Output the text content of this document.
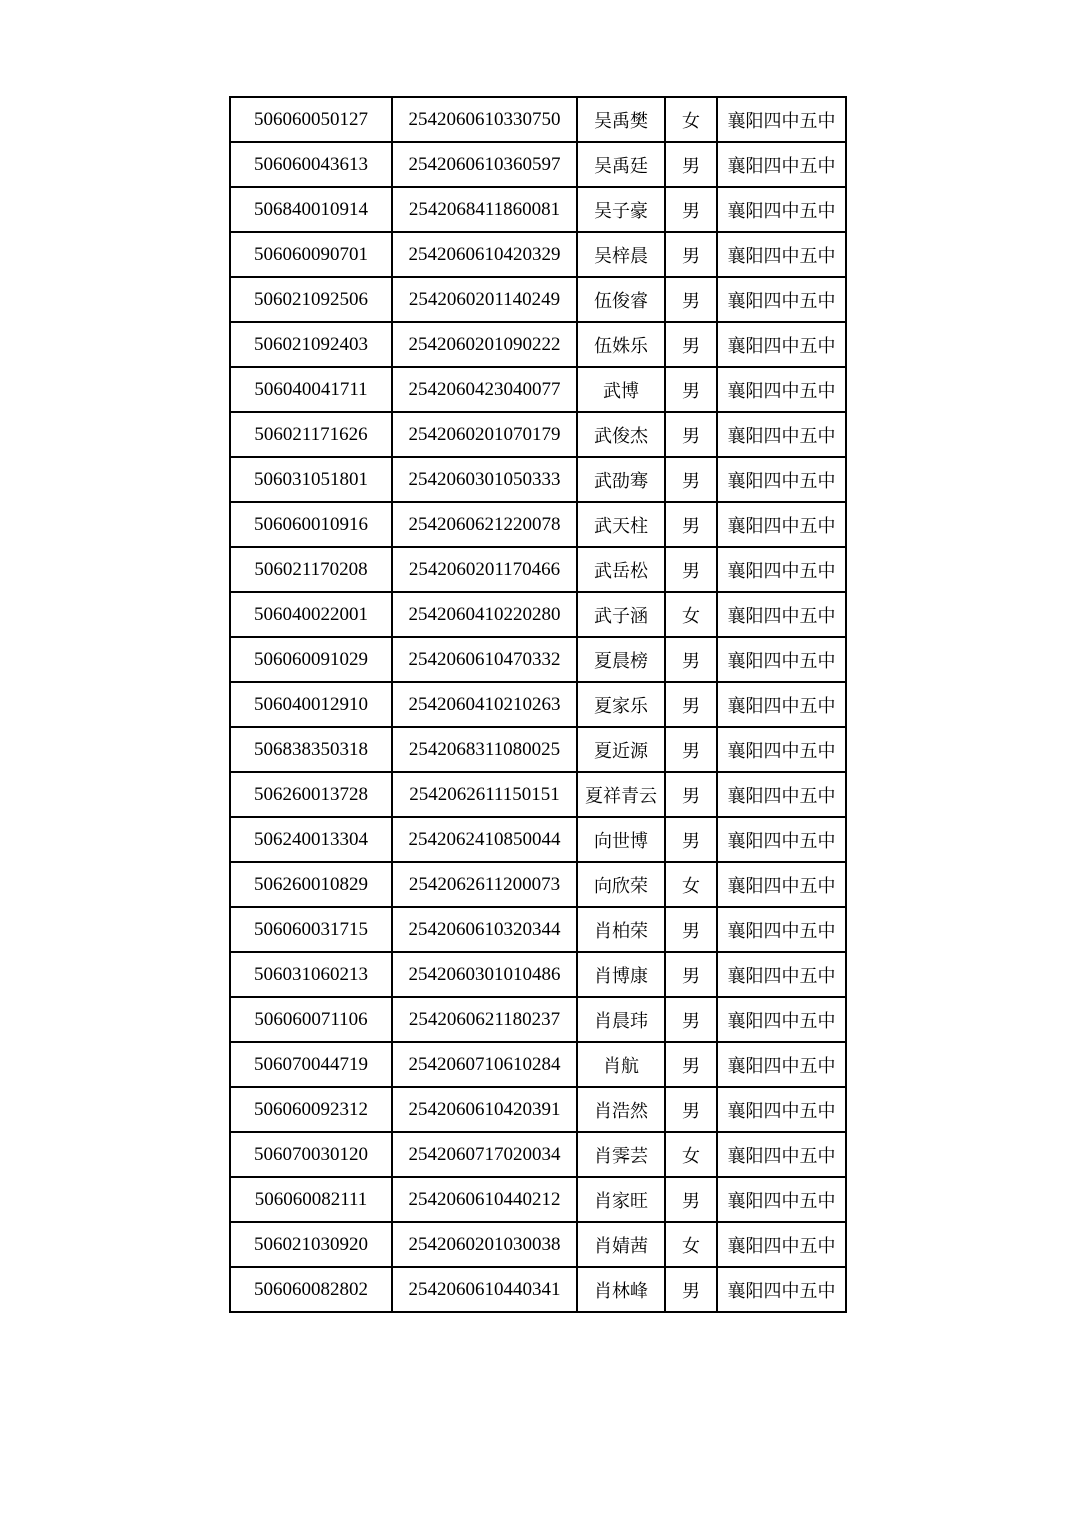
506060050127	2542060610330750	吴禹樊	女	襄阳四中五中
506060043613	2542060610360597	吴禹廷	男	襄阳四中五中
506840010914	2542068411860081	吴子豪	男	襄阳四中五中
506060090701	2542060610420329	吴梓晨	男	襄阳四中五中
506021092506	2542060201140249	伍俊睿	男	襄阳四中五中
506021092403	2542060201090222	伍姝乐	男	襄阳四中五中
506040041711	2542060423040077	武博	男	襄阳四中五中
506021171626	2542060201070179	武俊杰	男	襄阳四中五中
506031051801	2542060301050333	武劭骞	男	襄阳四中五中
506060010916	2542060621220078	武天柱	男	襄阳四中五中
506021170208	2542060201170466	武岳松	男	襄阳四中五中
506040022001	2542060410220280	武子涵	女	襄阳四中五中
506060091029	2542060610470332	夏晨榜	男	襄阳四中五中
506040012910	2542060410210263	夏家乐	男	襄阳四中五中
506838350318	2542068311080025	夏近源	男	襄阳四中五中
506260013728	2542062611150151	夏祥青云	男	襄阳四中五中
506240013304	2542062410850044	向世博	男	襄阳四中五中
506260010829	2542062611200073	向欣荣	女	襄阳四中五中
506060031715	2542060610320344	肖柏荣	男	襄阳四中五中
506031060213	2542060301010486	肖博康	男	襄阳四中五中
506060071106	2542060621180237	肖晨玮	男	襄阳四中五中
506070044719	2542060710610284	肖航	男	襄阳四中五中
506060092312	2542060610420391	肖浩然	男	襄阳四中五中
506070030120	2542060717020034	肖霁芸	女	襄阳四中五中
506060082111	2542060610440212	肖家旺	男	襄阳四中五中
506021030920	2542060201030038	肖婧茜	女	襄阳四中五中
506060082802	2542060610440341	肖林峰	男	襄阳四中五中
